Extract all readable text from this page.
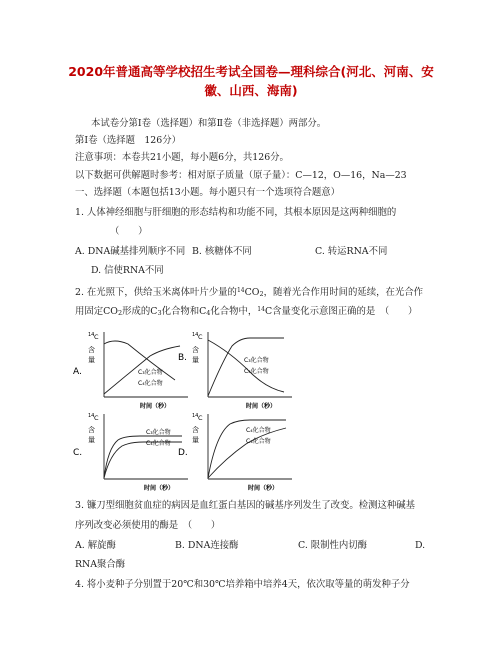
2020年普通高等学校招生考试全国卷—理科综合(河北、河南、安
徽、山西、海南)
本试卷分第Ⅰ卷（选择题）和第Ⅱ卷（非选择题）两部分。
第Ⅰ卷（选择题　126分）
注意事项：本卷共21小题，每小题6分，共126分。
以下数据可供解题时参考：相对原子质量（原子量）：C—12，O—16，Na—23
一、选择题（本题包括13小题。每小题只有一个选项符合题意）
1. 人体神经细胞与肝细胞的形态结构和功能不同，其根本原因是这两种细胞的
（　　）
A. DNA碱基排列顺序不同 B. 核糖体不同	C. 转运RNA不同
D. 信使RNA不同
2. 在光照下，供给玉米离体叶片少量的$^{14}$CO2，随着光合作用时间的延续，在光合作
用固定CO2形成的C3化合物和C4化合物中，$^{14}$C含量变化示意图正确的是　（　　）
A.
14 C
含
量
C₃化合物
C₄化合物
时间（秒）
B.
14 C
含
量	C₃化合物
C₄化合物
时间（秒）
C.
14 C
含
量
C₃化合物
C₄化合物
时间（秒）
D.
14 C
含
量
C₄化合物
C₃化合物
时间（秒）
3. 镰刀型细胞贫血症的病因是血红蛋白基因的碱基序列发生了改变。检测这种碱基
序列改变必须使用的酶是　（　　）
A. 解旋酶	B. DNA连接酶	C. 限制性内切酶	D.
RNA聚合酶
4. 将小麦种子分别置于20℃和30℃培养箱中培养4天，依次取等量的萌发种子分
